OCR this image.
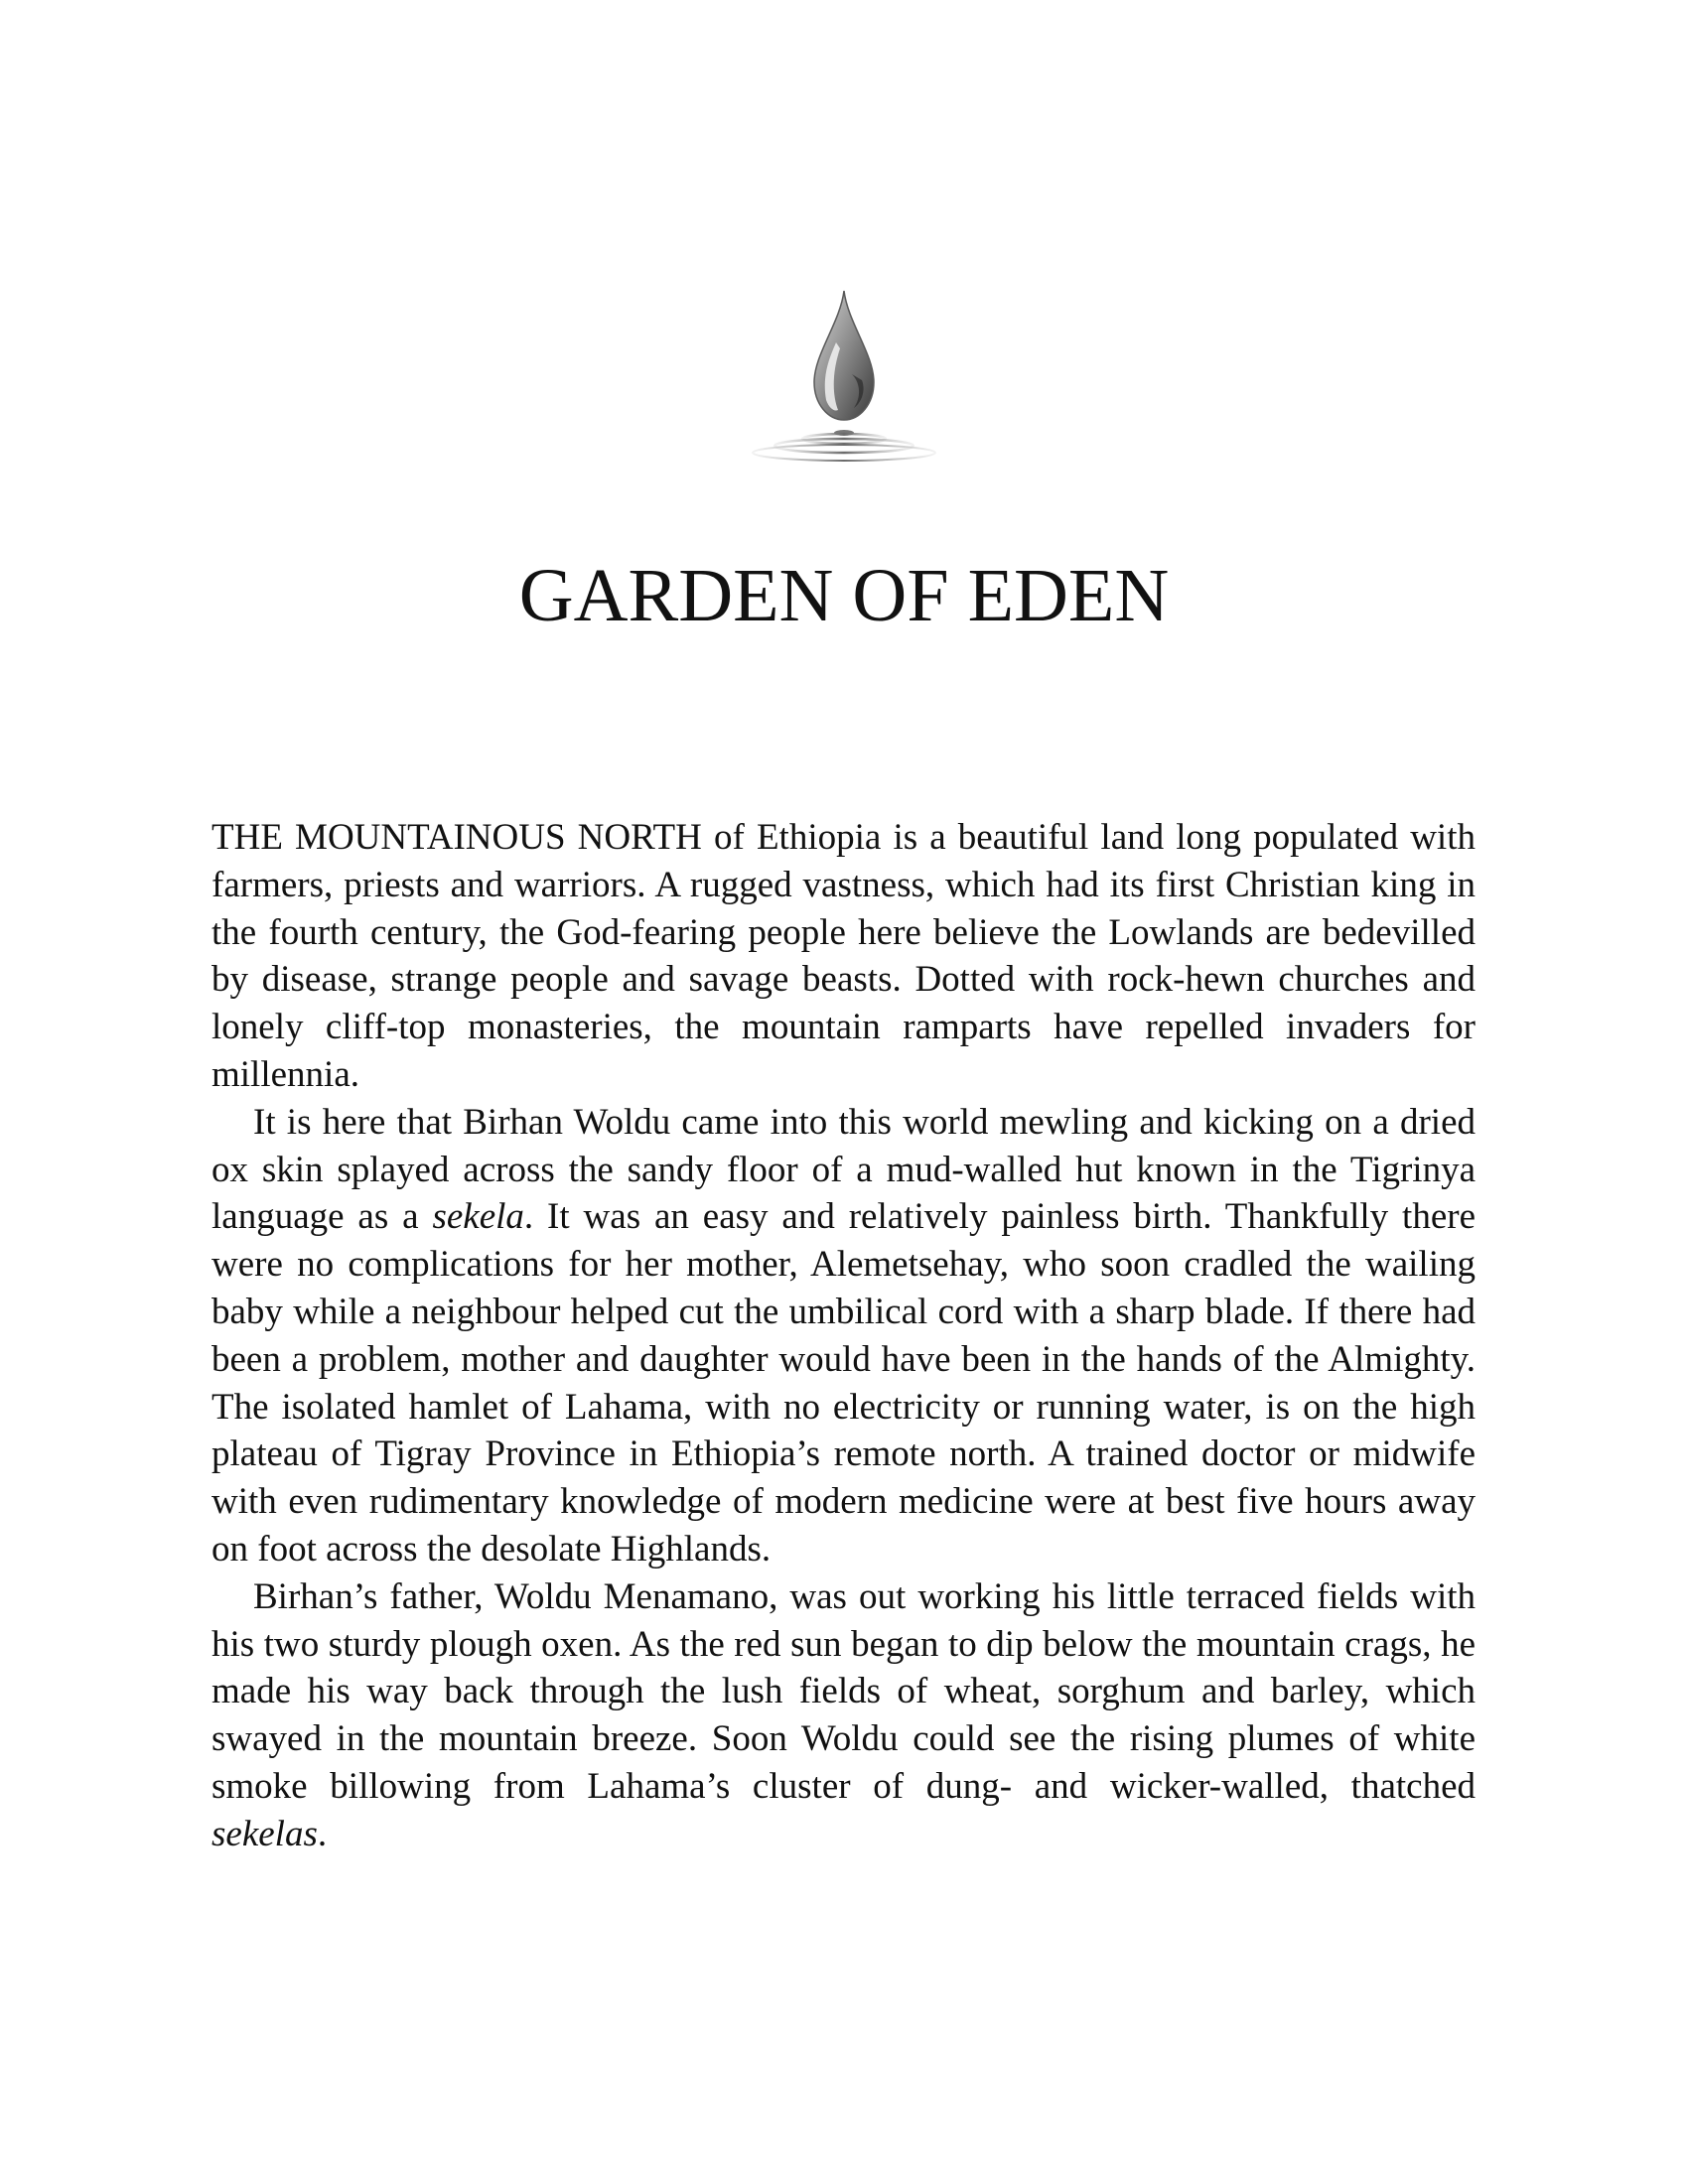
GARDEN OF EDEN

THE MOUNTAINOUS NORTH of Ethiopia is a beautiful land long populated with farmers, priests and warriors. A rugged vastness, which had its first Christian king in the fourth century, the God-fearing people here believe the Lowlands are bedevilled by disease, strange people and savage beasts. Dotted with rock-hewn churches and lonely cliff-top monasteries, the mountain ramparts have repelled invaders for millennia.

It is here that Birhan Woldu came into this world mewling and kicking on a dried ox skin splayed across the sandy floor of a mud-walled hut known in the Tigrinya language as a sekela. It was an easy and relatively painless birth. Thankfully there were no complications for her mother, Alemetsehay, who soon cradled the wailing baby while a neighbour helped cut the umbilical cord with a sharp blade. If there had been a problem, mother and daughter would have been in the hands of the Almighty. The isolated hamlet of Lahama, with no electricity or running water, is on the high plateau of Tigray Province in Ethiopia’s remote north. A trained doctor or midwife with even rudimentary knowledge of modern medicine were at best five hours away on foot across the desolate Highlands.

Birhan’s father, Woldu Menamano, was out working his little terraced fields with his two sturdy plough oxen. As the red sun began to dip below the mountain crags, he made his way back through the lush fields of wheat, sorghum and barley, which swayed in the mountain breeze. Soon Woldu could see the rising plumes of white smoke billowing from Lahama’s cluster of dung- and wicker-walled, thatched sekelas.
